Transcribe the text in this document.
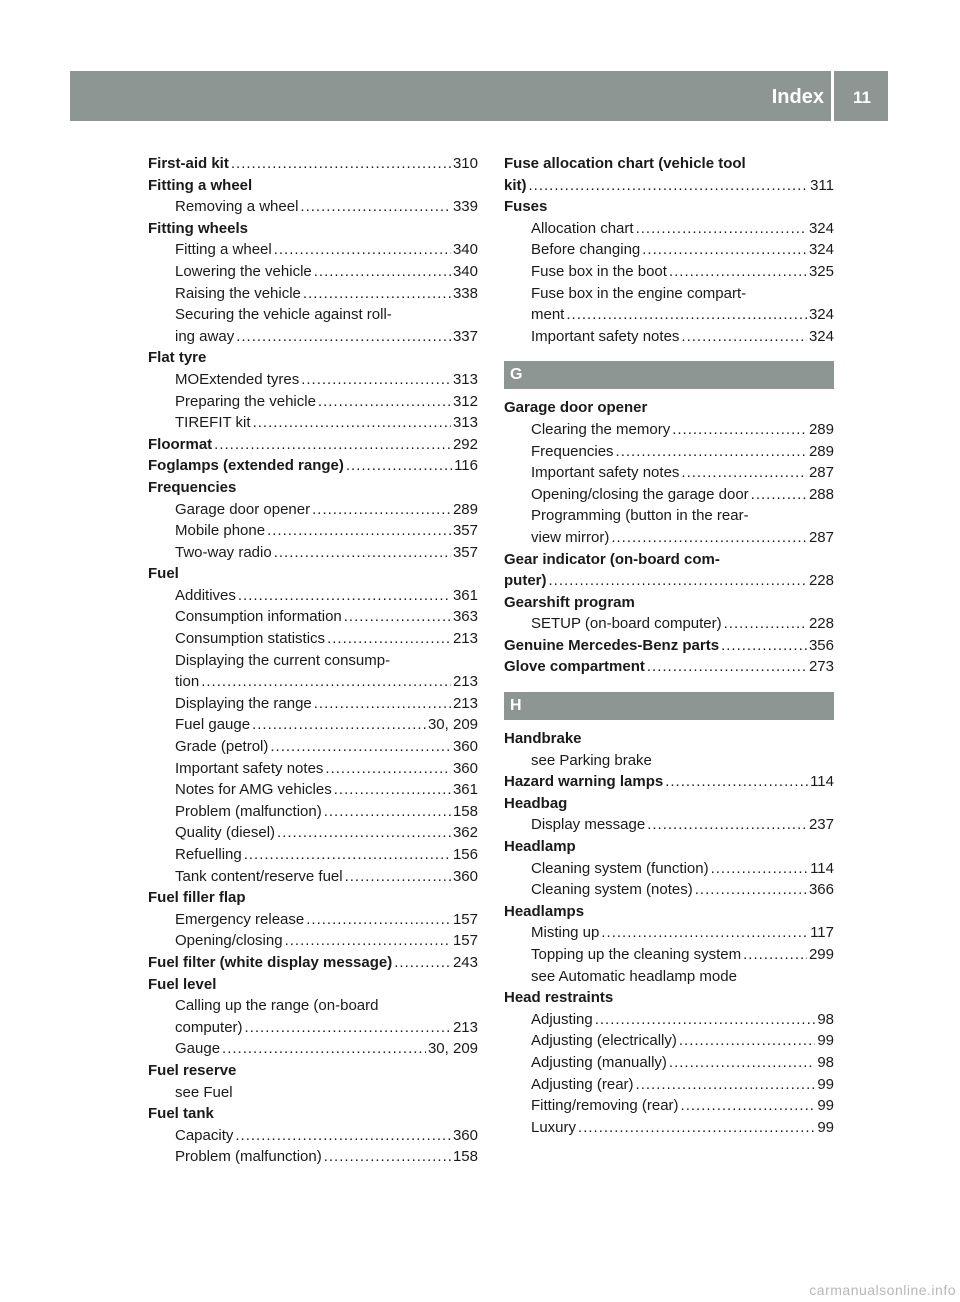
Index	11
First-aid kit .....	310
Fitting a wheel
Removing a wheel .....	339
Fitting wheels
Fitting a wheel .....	340
Lowering the vehicle .....	340
Raising the vehicle .....	338
Securing the vehicle against roll-
ing away .....	337
Flat tyre
MOExtended tyres .....	313
Preparing the vehicle .....	312
TIREFIT kit .....	313
Floormat .....	292
Foglamps (extended range) .....	116
Frequencies
Garage door opener .....	289
Mobile phone .....	357
Two-way radio .....	357
Fuel
Additives .....	361
Consumption information .....	363
Consumption statistics .....	213
Displaying the current consump-
tion .....	213
Displaying the range .....	213
Fuel gauge .....	30, 209
Grade (petrol) .....	360
Important safety notes .....	360
Notes for AMG vehicles .....	361
Problem (malfunction) .....	158
Quality (diesel) .....	362
Refuelling .....	156
Tank content/reserve fuel .....	360
Fuel filler flap
Emergency release .....	157
Opening/closing .....	157
Fuel filter (white display message) .....	243
Fuel level
Calling up the range (on-board
computer) .....	213
Gauge .....	30, 209
Fuel reserve
see Fuel
Fuel tank
Capacity .....	360
Problem (malfunction) .....	158
Fuse allocation chart (vehicle tool
kit) .....	311
Fuses
Allocation chart .....	324
Before changing .....	324
Fuse box in the boot .....	325
Fuse box in the engine compart-
ment .....	324
Important safety notes .....	324
G
Garage door opener
Clearing the memory .....	289
Frequencies .....	289
Important safety notes .....	287
Opening/closing the garage door .....	288
Programming (button in the rear-
view mirror) .....	287
Gear indicator (on-board com-
puter) .....	228
Gearshift program
SETUP (on-board computer) .....	228
Genuine Mercedes-Benz parts .....	356
Glove compartment .....	273
H
Handbrake
see Parking brake
Hazard warning lamps .....	114
Headbag
Display message .....	237
Headlamp
Cleaning system (function) .....	114
Cleaning system (notes) .....	366
Headlamps
Misting up .....	117
Topping up the cleaning system .....	299
see Automatic headlamp mode
Head restraints
Adjusting .....	98
Adjusting (electrically) .....	99
Adjusting (manually) .....	98
Adjusting (rear) .....	99
Fitting/removing (rear) .....	99
Luxury .....	99
carmanualsonline.info
